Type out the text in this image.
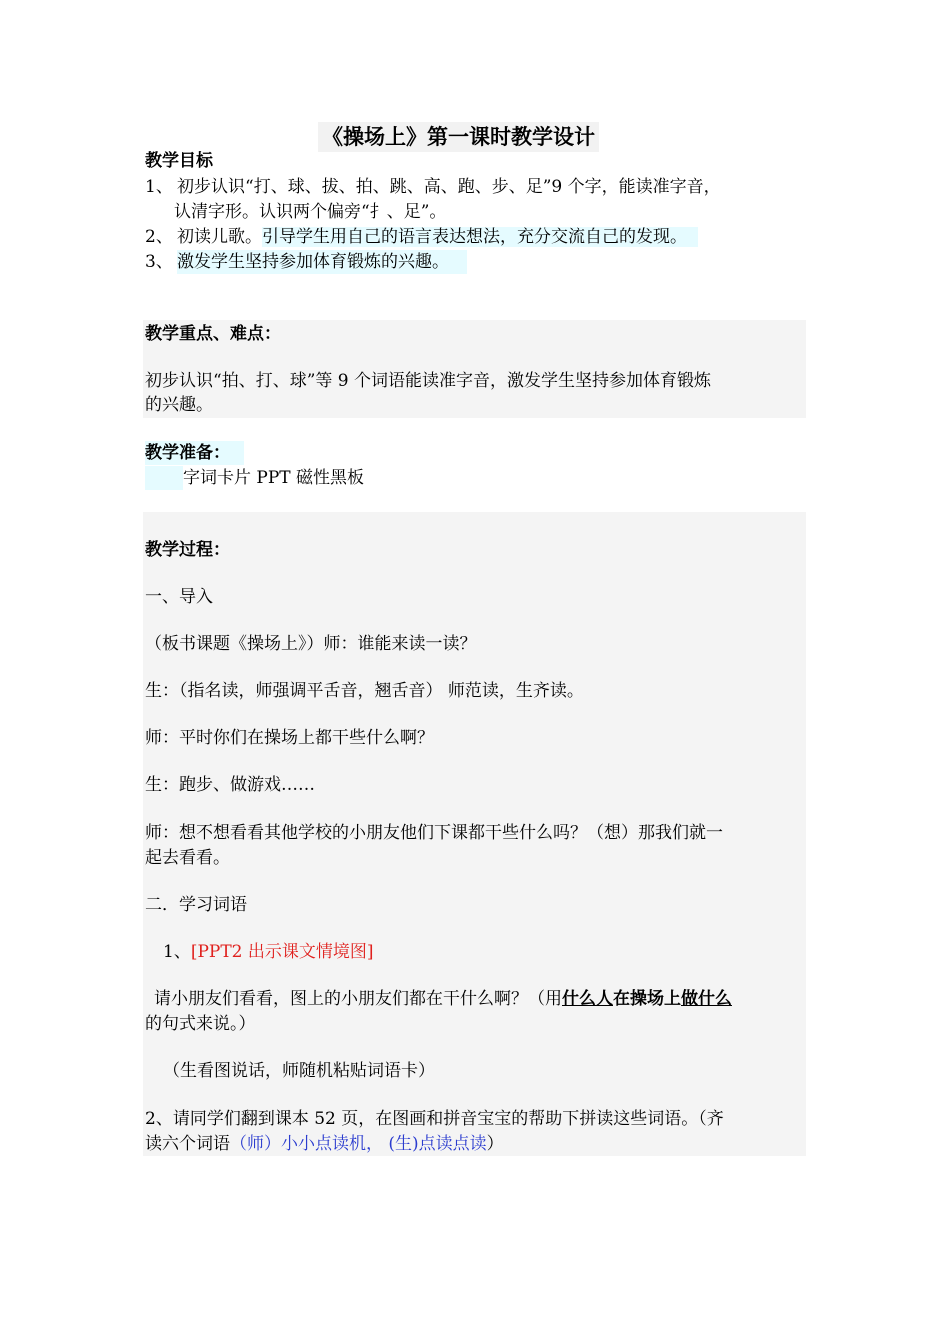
《操场上》第一课时教学设计
教学目标
1、 初步认识“打、球、拔、拍、跳、高、跑、步、足”9 个字，能读准字音，
认清字形。认识两个偏旁“扌、足”。
2、 初读儿歌。引导学生用自己的语言表达想法，充分交流自己的发现。
3、 激发学生坚持参加体育锻炼的兴趣。
教学重点、难点：
初步认识“拍、打、球”等 9 个词语能读准字音，激发学生坚持参加体育锻炼
的兴趣。
教学准备：
字词卡片 PPT 磁性黑板
教学过程：
一、导入
（板书课题《操场上》）师：谁能来读一读？
生：（指名读，师强调平舌音，翘舌音） 师范读，生齐读。
师：平时你们在操场上都干些什么啊？
生：跑步、做游戏……
师：想不想看看其他学校的小朋友他们下课都干些什么吗？（想）那我们就一
起去看看。
二．学习词语
1、[PPT2 出示课文情境图]
请小朋友们看看，图上的小朋友们都在干什么啊？（用什么人在操场上做什么
的句式来说。）
（生看图说话，师随机粘贴词语卡）
2、请同学们翻到课本 52 页，在图画和拼音宝宝的帮助下拼读这些词语。（齐
读六个词语（师）小小点读机， (生)点读点读）
